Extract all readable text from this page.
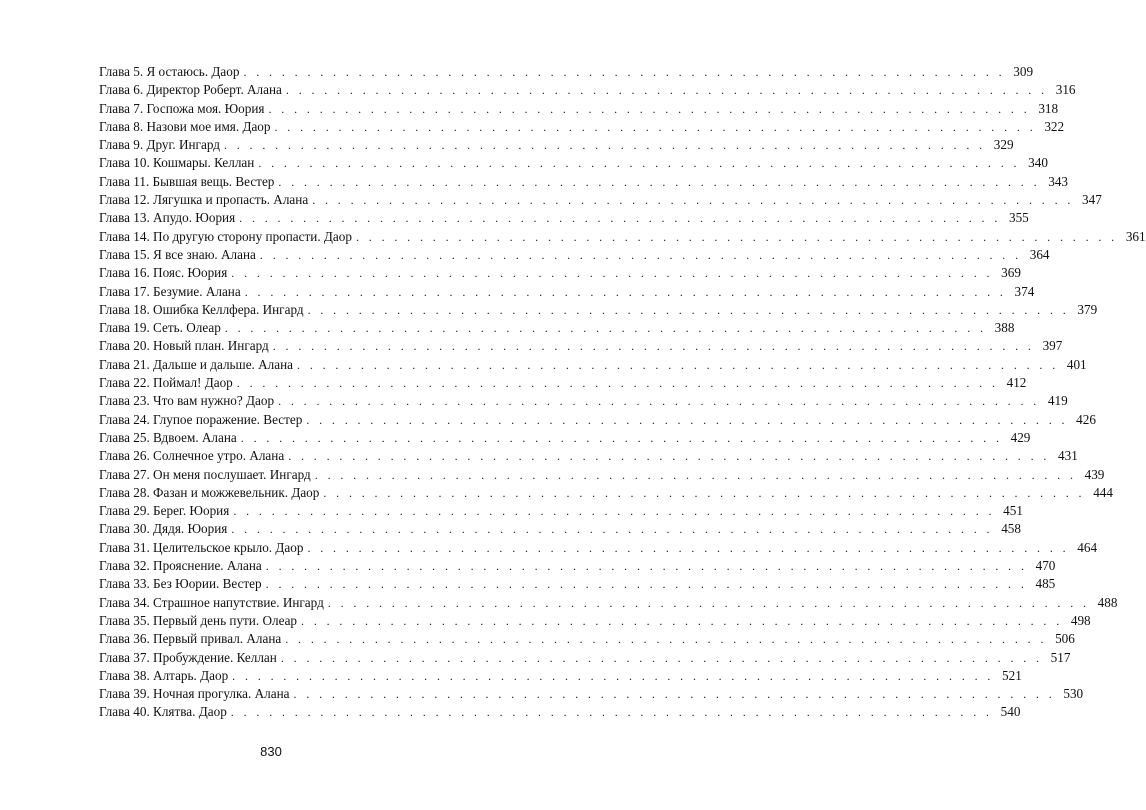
Глава 5. Я остаюсь. Даор . . . . . . . . . . . . . . . . . . . . . . . . . . . . . . . . . . . . . . . . . . . . . . . . . . . . . . . . . . . . 309
Глава 6. Директор Роберт. Алана . . . . . . . . . . . . . . . . . . . . . . . . . . . . . . . . . . . . . . . . . . . . . . . . . . . . . . . . . . . . 316
Глава 7. Госпожа моя. Юория . . . . . . . . . . . . . . . . . . . . . . . . . . . . . . . . . . . . . . . . . . . . . . . . . . . . . . . . . . . . 318
Глава 8. Назови мое имя. Даор . . . . . . . . . . . . . . . . . . . . . . . . . . . . . . . . . . . . . . . . . . . . . . . . . . . . . . . . . . . . 322
Глава 9. Друг. Ингард . . . . . . . . . . . . . . . . . . . . . . . . . . . . . . . . . . . . . . . . . . . . . . . . . . . . . . . . . . . . 329
Глава 10. Кошмары. Келлан . . . . . . . . . . . . . . . . . . . . . . . . . . . . . . . . . . . . . . . . . . . . . . . . . . . . . . . . . . . . 340
Глава 11. Бывшая вещь. Вестер . . . . . . . . . . . . . . . . . . . . . . . . . . . . . . . . . . . . . . . . . . . . . . . . . . . . . . . . . . . . 343
Глава 12. Лягушка и пропасть. Алана . . . . . . . . . . . . . . . . . . . . . . . . . . . . . . . . . . . . . . . . . . . . . . . . . . . . . . . . . . . . 347
Глава 13. Апудо. Юория . . . . . . . . . . . . . . . . . . . . . . . . . . . . . . . . . . . . . . . . . . . . . . . . . . . . . . . . . . . . 355
Глава 14. По другую сторону пропасти. Даор . . . . . . . . . . . . . . . . . . . . . . . . . . . . . . . . . . . . . . . . . . . . . . . . . . . . . . . . . . . . 361
Глава 15. Я все знаю. Алана . . . . . . . . . . . . . . . . . . . . . . . . . . . . . . . . . . . . . . . . . . . . . . . . . . . . . . . . . . . . 364
Глава 16. Пояс. Юория . . . . . . . . . . . . . . . . . . . . . . . . . . . . . . . . . . . . . . . . . . . . . . . . . . . . . . . . . . . . 369
Глава 17. Безумие. Алана . . . . . . . . . . . . . . . . . . . . . . . . . . . . . . . . . . . . . . . . . . . . . . . . . . . . . . . . . . . . 374
Глава 18. Ошибка Келлфера. Ингард . . . . . . . . . . . . . . . . . . . . . . . . . . . . . . . . . . . . . . . . . . . . . . . . . . . . . . . . . . . . 379
Глава 19. Сеть. Олеар . . . . . . . . . . . . . . . . . . . . . . . . . . . . . . . . . . . . . . . . . . . . . . . . . . . . . . . . . . . . 388
Глава 20. Новый план. Ингард . . . . . . . . . . . . . . . . . . . . . . . . . . . . . . . . . . . . . . . . . . . . . . . . . . . . . . . . . . . . 397
Глава 21. Дальше и дальше. Алана . . . . . . . . . . . . . . . . . . . . . . . . . . . . . . . . . . . . . . . . . . . . . . . . . . . . . . . . . . . . 401
Глава 22. Поймал! Даор . . . . . . . . . . . . . . . . . . . . . . . . . . . . . . . . . . . . . . . . . . . . . . . . . . . . . . . . . . . . 412
Глава 23. Что вам нужно? Даор . . . . . . . . . . . . . . . . . . . . . . . . . . . . . . . . . . . . . . . . . . . . . . . . . . . . . . . . . . . . 419
Глава 24. Глупое поражение. Вестер . . . . . . . . . . . . . . . . . . . . . . . . . . . . . . . . . . . . . . . . . . . . . . . . . . . . . . . . . . . . 426
Глава 25. Вдвоем. Алана . . . . . . . . . . . . . . . . . . . . . . . . . . . . . . . . . . . . . . . . . . . . . . . . . . . . . . . . . . . . 429
Глава 26. Солнечное утро. Алана . . . . . . . . . . . . . . . . . . . . . . . . . . . . . . . . . . . . . . . . . . . . . . . . . . . . . . . . . . . . 431
Глава 27. Он меня послушает. Ингард . . . . . . . . . . . . . . . . . . . . . . . . . . . . . . . . . . . . . . . . . . . . . . . . . . . . . . . . . . . . 439
Глава 28. Фазан и можжевельник. Даор . . . . . . . . . . . . . . . . . . . . . . . . . . . . . . . . . . . . . . . . . . . . . . . . . . . . . . . . . . . . 444
Глава 29. Берег. Юория . . . . . . . . . . . . . . . . . . . . . . . . . . . . . . . . . . . . . . . . . . . . . . . . . . . . . . . . . . . . 451
Глава 30. Дядя. Юория . . . . . . . . . . . . . . . . . . . . . . . . . . . . . . . . . . . . . . . . . . . . . . . . . . . . . . . . . . . . 458
Глава 31. Целительское крыло. Даор . . . . . . . . . . . . . . . . . . . . . . . . . . . . . . . . . . . . . . . . . . . . . . . . . . . . . . . . . . . . 464
Глава 32. Прояснение. Алана . . . . . . . . . . . . . . . . . . . . . . . . . . . . . . . . . . . . . . . . . . . . . . . . . . . . . . . . . . . . 470
Глава 33. Без Юории. Вестер . . . . . . . . . . . . . . . . . . . . . . . . . . . . . . . . . . . . . . . . . . . . . . . . . . . . . . . . . . . . 485
Глава 34. Страшное напутствие. Ингард . . . . . . . . . . . . . . . . . . . . . . . . . . . . . . . . . . . . . . . . . . . . . . . . . . . . . . . . . . . . 488
Глава 35. Первый день пути. Олеар . . . . . . . . . . . . . . . . . . . . . . . . . . . . . . . . . . . . . . . . . . . . . . . . . . . . . . . . . . . . 498
Глава 36. Первый привал. Алана . . . . . . . . . . . . . . . . . . . . . . . . . . . . . . . . . . . . . . . . . . . . . . . . . . . . . . . . . . . . 506
Глава 37. Пробуждение. Келлан . . . . . . . . . . . . . . . . . . . . . . . . . . . . . . . . . . . . . . . . . . . . . . . . . . . . . . . . . . . . 517
Глава 38. Алтарь. Даор . . . . . . . . . . . . . . . . . . . . . . . . . . . . . . . . . . . . . . . . . . . . . . . . . . . . . . . . . . . . 521
Глава 39. Ночная прогулка. Алана . . . . . . . . . . . . . . . . . . . . . . . . . . . . . . . . . . . . . . . . . . . . . . . . . . . . . . . . . . . . 530
Глава 40. Клятва. Даор . . . . . . . . . . . . . . . . . . . . . . . . . . . . . . . . . . . . . . . . . . . . . . . . . . . . . . . . . . . . 540
830
